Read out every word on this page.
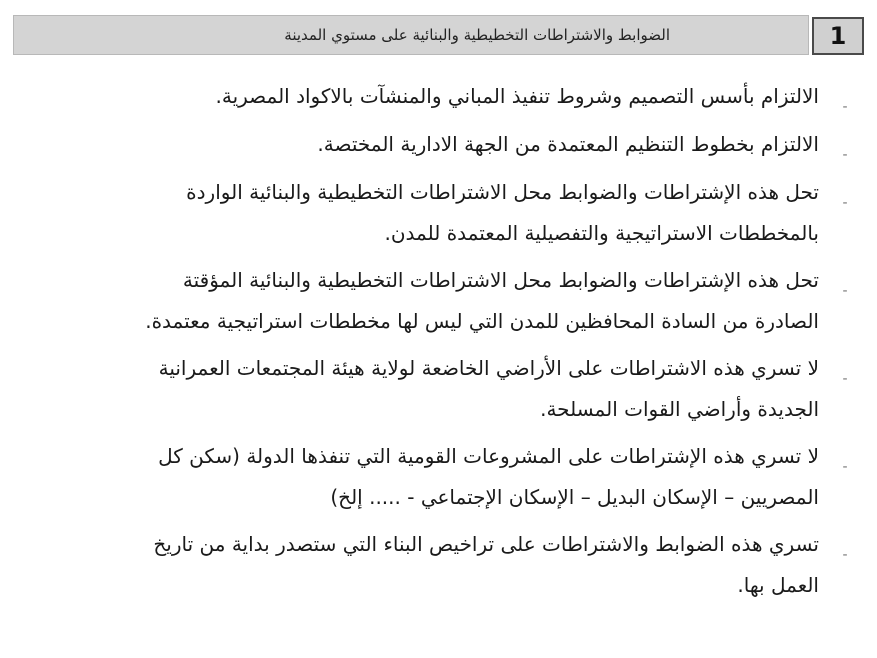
الضوابط والاشتراطات التخطيطية والبنائية على مستوي المدينة	1
-
الالتزام بأسس التصميم وشروط تنفيذ المباني والمنشآت بالاكواد المصرية.
-
الالتزام بخطوط التنظيم المعتمدة من الجهة الادارية المختصة.
-
تحل هذه الإشتراطات والضوابط محل الاشتراطات التخطيطية والبنائية الواردة
بالمخططات الاستراتيجية والتفصيلية المعتمدة للمدن.
-
تحل هذه الإشتراطات والضوابط محل الاشتراطات التخطيطية والبنائية المؤقتة
الصادرة من السادة المحافظين للمدن التي ليس لها مخططات استراتيجية معتمدة.
-
لا تسري هذه الاشتراطات على الأراضي الخاضعة لولاية هيئة المجتمعات العمرانية
الجديدة وأراضي القوات المسلحة.
-
لا تسري هذه الإشتراطات على المشروعات القومية التي تنفذها الدولة (سكن كل
المصريين – الإسكان البديل – الإسكان الإجتماعي - ..... إلخ)
-
تسري هذه الضوابط والاشتراطات على تراخيص البناء التي ستصدر بداية من تاريخ
العمل بها.
